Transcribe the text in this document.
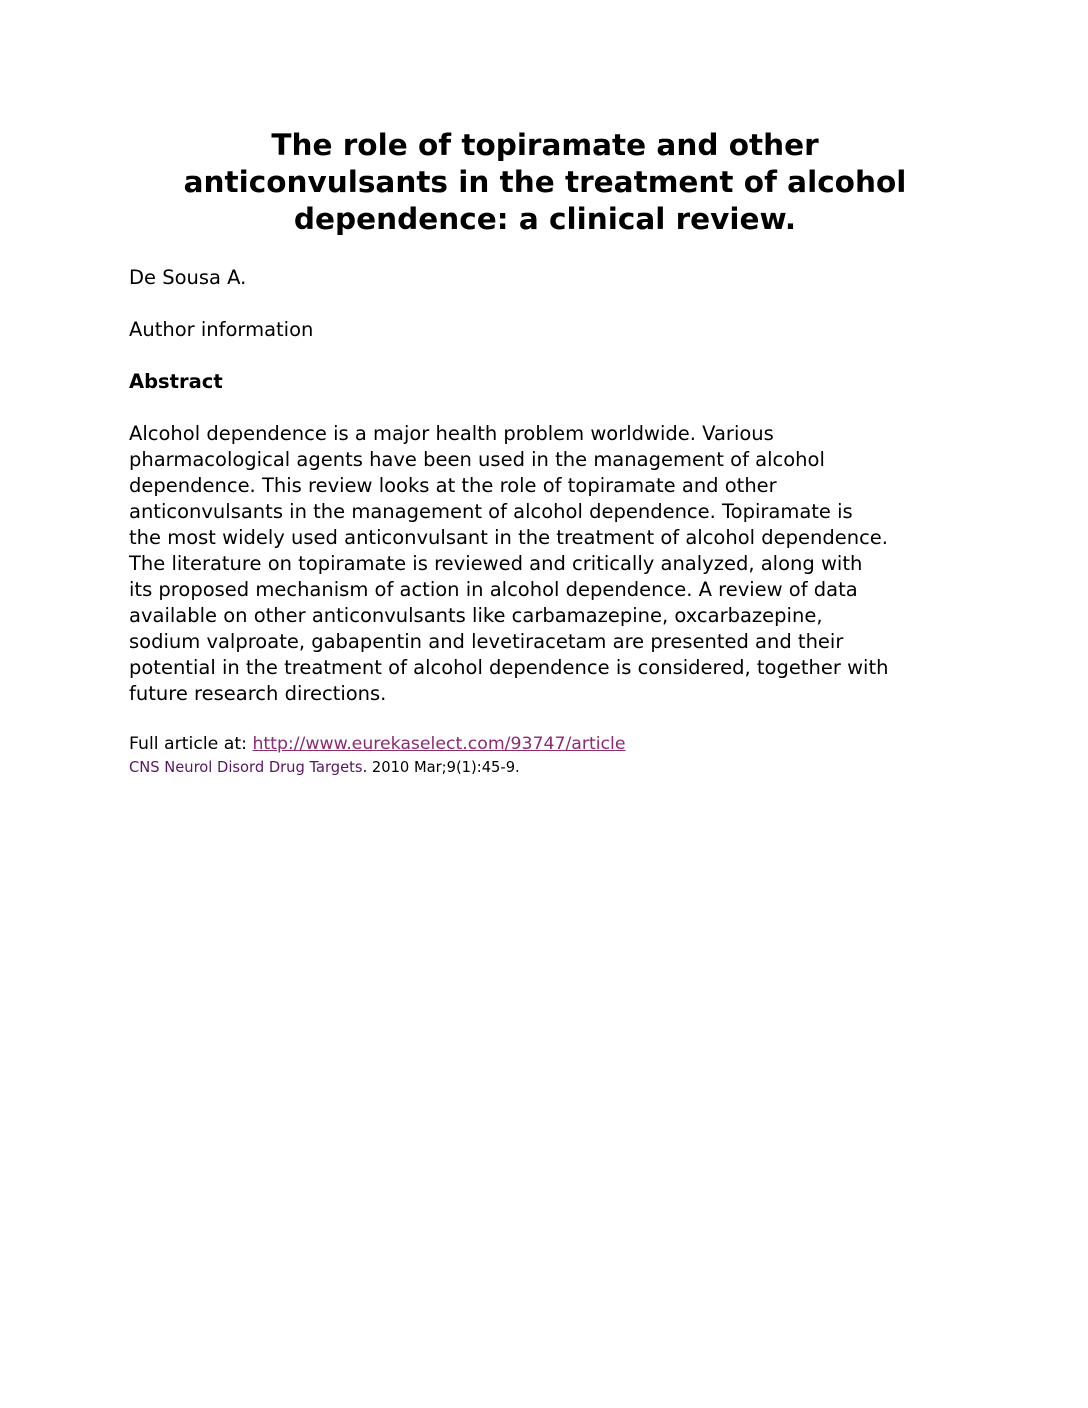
The role of topiramate and other
anticonvulsants in the treatment of alcohol
dependence: a clinical review.

De Sousa A.

Author information

Abstract

Alcohol dependence is a major health problem worldwide. Various
pharmacological agents have been used in the management of alcohol
dependence. This review looks at the role of topiramate and other
anticonvulsants in the management of alcohol dependence. Topiramate is
the most widely used anticonvulsant in the treatment of alcohol dependence.
The literature on topiramate is reviewed and critically analyzed, along with
its proposed mechanism of action in alcohol dependence. A review of data
available on other anticonvulsants like carbamazepine, oxcarbazepine,
sodium valproate, gabapentin and levetiracetam are presented and their
potential in the treatment of alcohol dependence is considered, together with
future research directions.

Full article at: http://www.eurekaselect.com/93747/article

CNS Neurol Disord Drug Targets. 2010 Mar;9(1):45-9.
